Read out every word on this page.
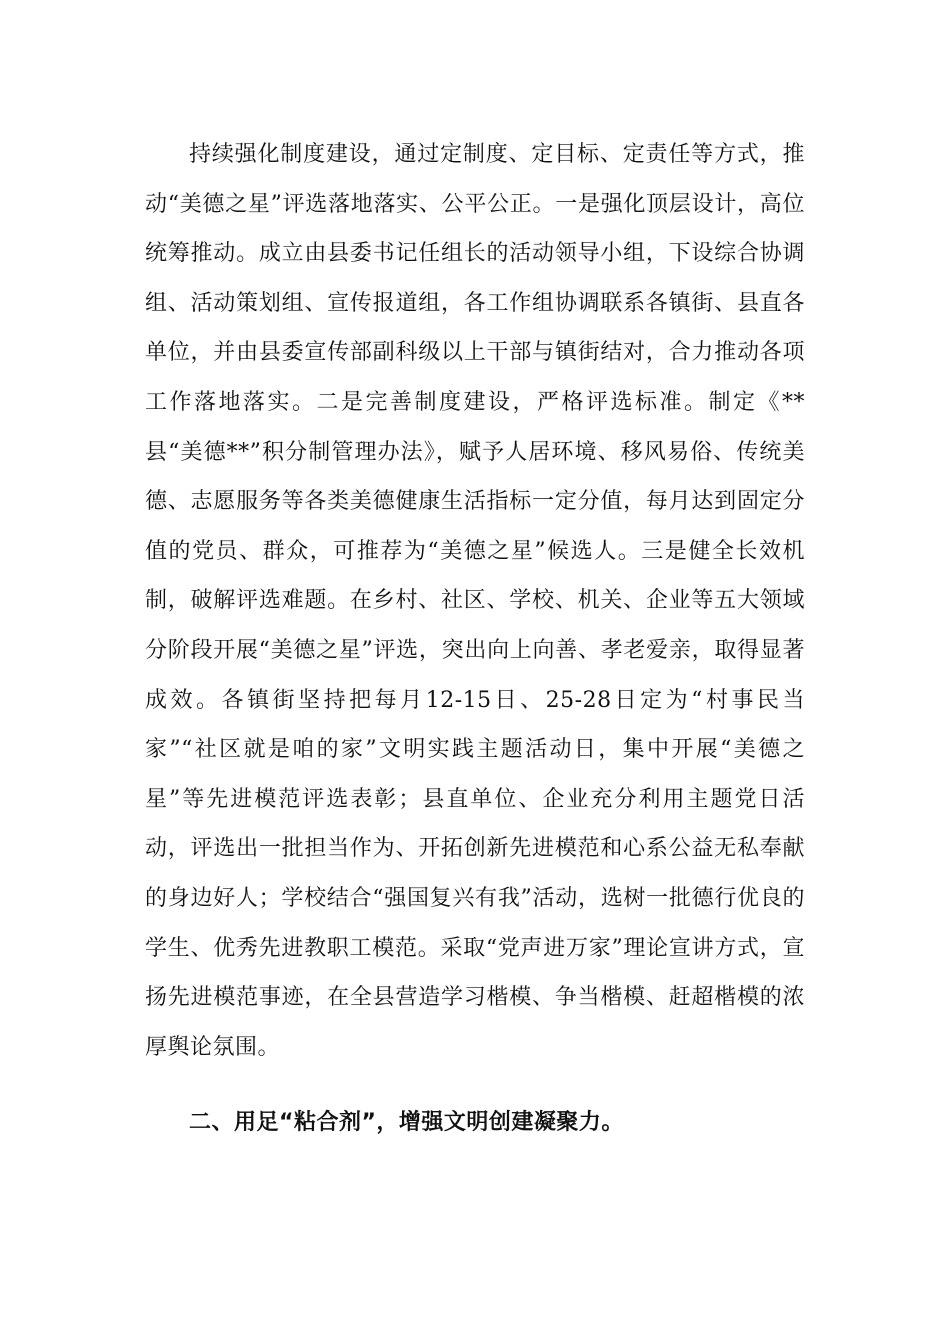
持续强化制度建设，通过定制度、定目标、定责任等方式，推动“美德之星”评选落地落实、公平公正。一是强化顶层设计，高位统筹推动。成立由县委书记任组长的活动领导小组，下设综合协调组、活动策划组、宣传报道组，各工作组协调联系各镇街、县直各单位，并由县委宣传部副科级以上干部与镇街结对，合力推动各项工作落地落实。二是完善制度建设，严格评选标准。制定《**县“美德**”积分制管理办法》，赋予人居环境、移风易俗、传统美德、志愿服务等各类美德健康生活指标一定分值，每月达到固定分值的党员、群众，可推荐为“美德之星”候选人。三是健全长效机制，破解评选难题。在乡村、社区、学校、机关、企业等五大领域分阶段开展“美德之星”评选，突出向上向善、孝老爱亲，取得显著成效。各镇街坚持把每月12-15日、25-28日定为“村事民当家”“社区就是咱的家”文明实践主题活动日，集中开展“美德之星”等先进模范评选表彰；县直单位、企业充分利用主题党日活动，评选出一批担当作为、开拓创新先进模范和心系公益无私奉献的身边好人；学校结合“强国复兴有我”活动，选树一批德行优良的学生、优秀先进教职工模范。采取“党声进万家”理论宣讲方式，宣扬先进模范事迹，在全县营造学习楷模、争当楷模、赶超楷模的浓厚舆论氛围。

二、用足“粘合剂”，增强文明创建凝聚力。
